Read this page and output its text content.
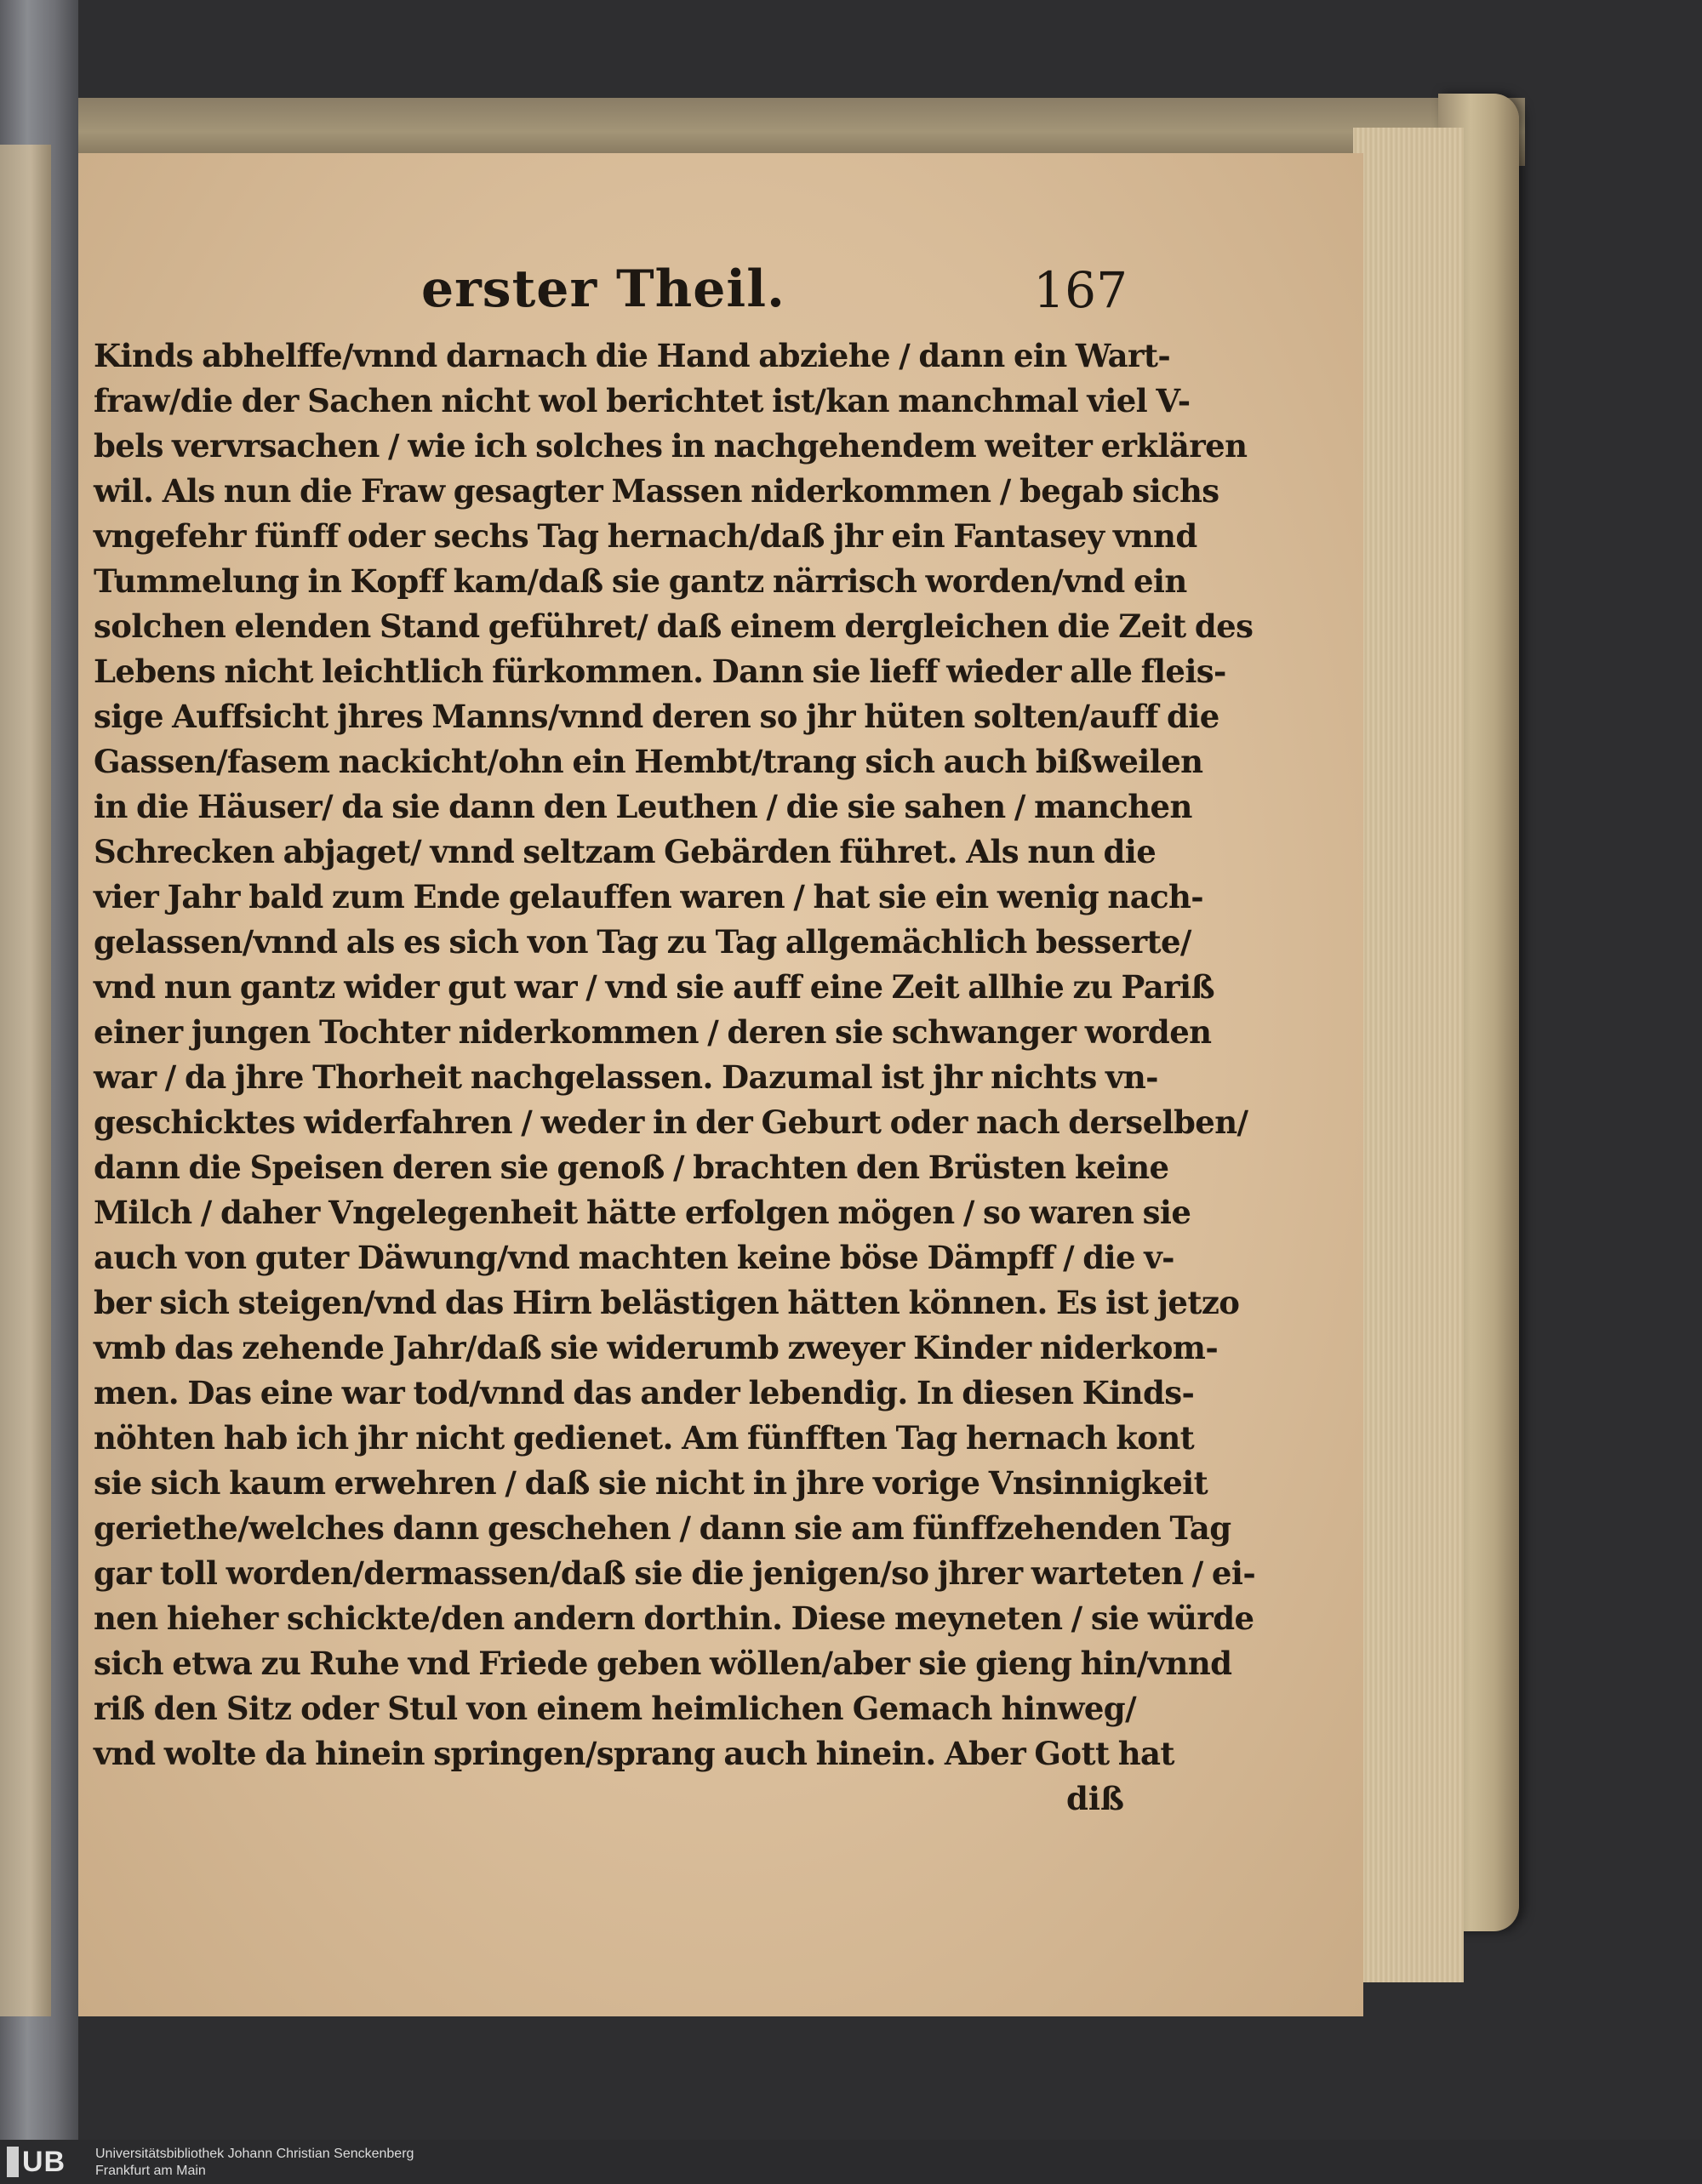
erster Theil.	167
Kinds abhelffe/vnnd darnach die Hand abziehe / dann ein Wart-
fraw/die der Sachen nicht wol berichtet ist/kan manchmal viel V-
bels vervrsachen / wie ich solches in nachgehendem weiter erklären
wil. Als nun die Fraw gesagter Massen niderkommen / begab sichs
vngefehr fünff oder sechs Tag hernach/daß jhr ein Fantasey vnnd
Tummelung in Kopff kam/daß sie gantz närrisch worden/vnd ein
solchen elenden Stand geführet/ daß einem dergleichen die Zeit des
Lebens nicht leichtlich fürkommen. Dann sie lieff wieder alle fleis-
sige Auffsicht jhres Manns/vnnd deren so jhr hüten solten/auff die
Gassen/fasem nackicht/ohn ein Hembt/trang sich auch bißweilen
in die Häuser/ da sie dann den Leuthen / die sie sahen / manchen
Schrecken abjaget/ vnnd seltzam Gebärden führet. Als nun die
vier Jahr bald zum Ende gelauffen waren / hat sie ein wenig nach-
gelassen/vnnd als es sich von Tag zu Tag allgemächlich besserte/
vnd nun gantz wider gut war / vnd sie auff eine Zeit allhie zu Pariß
einer jungen Tochter niderkommen / deren sie schwanger worden
war / da jhre Thorheit nachgelassen. Dazumal ist jhr nichts vn-
geschicktes widerfahren / weder in der Geburt oder nach derselben/
dann die Speisen deren sie genoß / brachten den Brüsten keine
Milch / daher Vngelegenheit hätte erfolgen mögen / so waren sie
auch von guter Däwung/vnd machten keine böse Dämpff / die v-
ber sich steigen/vnd das Hirn belästigen hätten können. Es ist jetzo
vmb das zehende Jahr/daß sie widerumb zweyer Kinder niderkom-
men. Das eine war tod/vnnd das ander lebendig. In diesen Kinds-
nöhten hab ich jhr nicht gedienet. Am fünfften Tag hernach kont
sie sich kaum erwehren / daß sie nicht in jhre vorige Vnsinnigkeit
geriethe/welches dann geschehen / dann sie am fünffzehenden Tag
gar toll worden/dermassen/daß sie die jenigen/so jhrer warteten / ei-
nen hieher schickte/den andern dorthin. Diese meyneten / sie würde
sich etwa zu Ruhe vnd Friede geben wöllen/aber sie gieng hin/vnnd
riß den Sitz oder Stul von einem heimlichen Gemach hinweg/
vnd wolte da hinein springen/sprang auch hinein. Aber Gott hat
diß
UB Universitätsbibliothek Johann Christian Senckenberg
Frankfurt am Main
